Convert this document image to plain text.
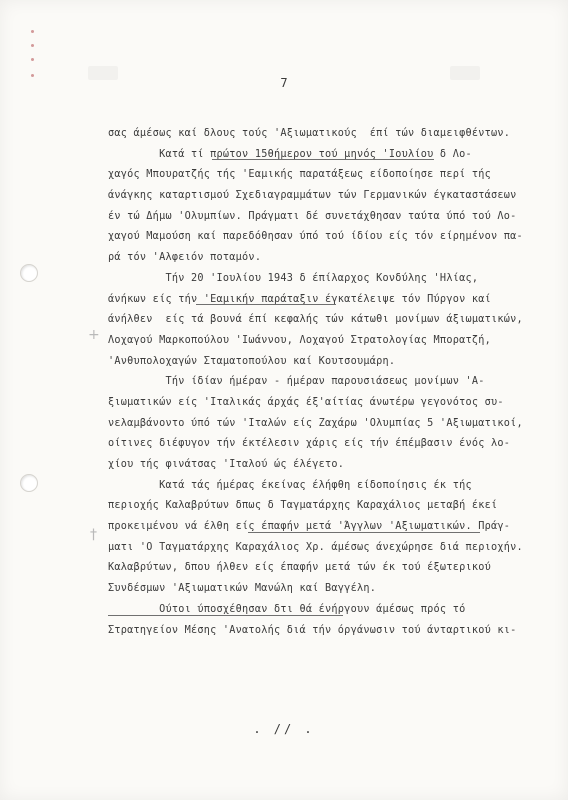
7
+
†
σας άμέσως καί δλους τούς 'Αξιωματικούς  έπί τών διαμειφθέντων.
Κατά τί πρώτον 15θήμερον τού μηνός 'Ιουλίου δ Λο-
χαγός Μπουρατζής τής 'Εαμικής παρατάξεως είδοποίησε περί τής
άνάγκης καταρτισμού Σχεδιαγραμμάτων τών Γερμανικών έγκαταστάσεων
έν τώ Δήμω 'Ολυμπίων. Πράγματι δέ συνετάχθησαν ταύτα ύπό τού Λο-
χαγού Μαμούση καί παρεδόθησαν ύπό τού ίδίου είς τόν είρημένον πα-
ρά τόν 'Αλφειόν ποταμόν.
Τήν 20 'Ιουλίου 1943 δ έπίλαρχος Κονδύλης 'Ηλίας,
άνήκων είς τήν 'Εαμικήν παράταξιν έγκατέλειψε τόν Πύργον καί
άνήλθεν  είς τά βουνά έπί κεφαλής τών κάτωθι μονίμων άξιωματικών,
Λοχαγού Μαρκοπούλου 'Ιωάννου, Λοχαγού Στρατολογίας Μπορατζή,
'Ανθυπολοχαγών Σταματοπούλου καί Κουτσουμάρη.
Τήν ίδίαν ήμέραν - ήμέραν παρουσιάσεως μονίμων 'Α-
ξιωματικών είς 'Ιταλικάς άρχάς έξ'αίτίας άνωτέρω γεγονότος συ-
νελαμβάνοντο ύπό τών 'Ιταλών είς Ζαχάρω 'Ολυμπίας 5 'Αξιωματικοί,
οίτινες διέφυγον τήν έκτέλεσιν χάρις είς τήν έπέμβασιν ένός λο-
χίου τής φινάτσας 'Ιταλού ώς έλέγετο.
Κατά τάς ήμέρας έκείνας έλήφθη είδοποίησις έκ τής
περιοχής Καλαβρύτων δπως δ Ταγματάρχης Καραχάλιος μεταβή έκεί
προκειμένου νά έλθη είς έπαφήν μετά 'Άγγλων 'Αξιωματικών. Πράγ-
ματι 'Ο Ταγματάρχης Καραχάλιος Χρ. άμέσως άνεχώρησε διά περιοχήν.
Καλαβρύτων, δπου ήλθεν είς έπαφήν μετά τών έκ τού έξωτερικού
Συνδέσμων 'Αξιωματικών Μανώλη καί Βαγγέλη.
Ούτοι ύποσχέθησαν δτι θά ένήργουν άμέσως πρός τό
Στρατηγείον Μέσης 'Ανατολής διά τήν όργάνωσιν τού άνταρτικού κι-
. // .
